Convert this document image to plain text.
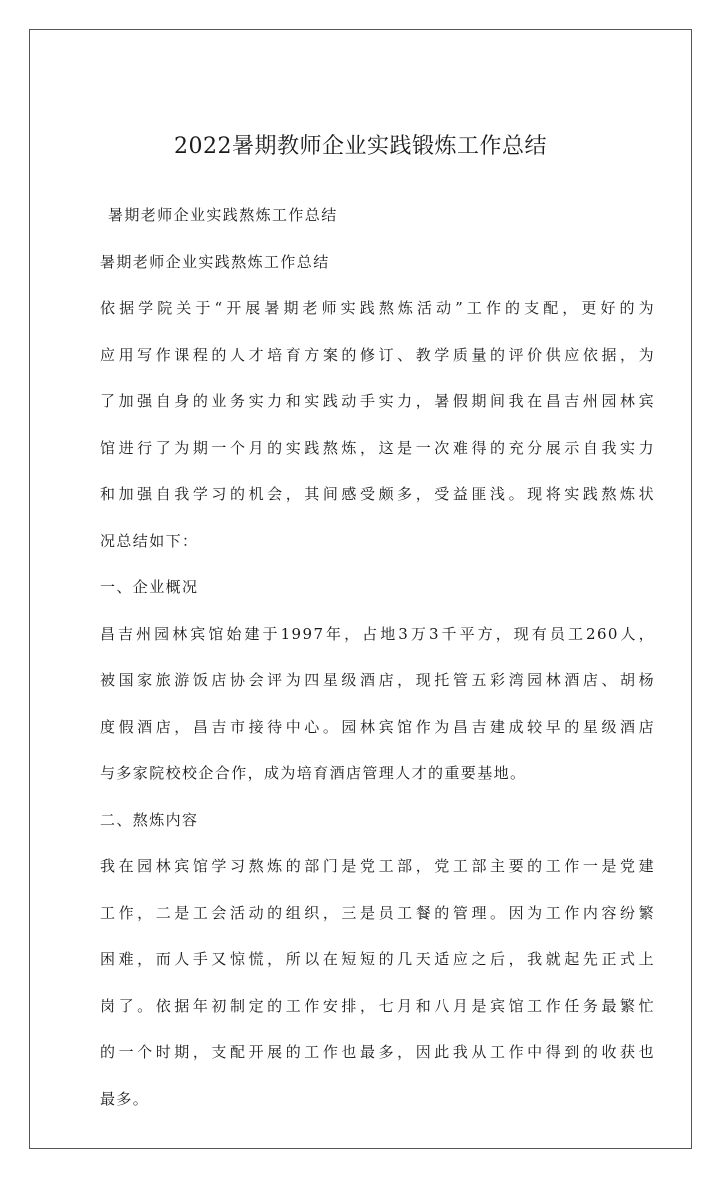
2022暑期教师企业实践锻炼工作总结
暑期老师企业实践熬炼工作总结
暑期老师企业实践熬炼工作总结
依据学院关于“开展暑期老师实践熬炼活动”工作的支配，更好的为
应用写作课程的人才培育方案的修订、教学质量的评价供应依据，为
了加强自身的业务实力和实践动手实力，暑假期间我在昌吉州园林宾
馆进行了为期一个月的实践熬炼，这是一次难得的充分展示自我实力
和加强自我学习的机会，其间感受颇多，受益匪浅。现将实践熬炼状
况总结如下：
一、企业概况
昌吉州园林宾馆始建于1997年，占地3万3千平方，现有员工260人，
被国家旅游饭店协会评为四星级酒店，现托管五彩湾园林酒店、胡杨
度假酒店，昌吉市接待中心。园林宾馆作为昌吉建成较早的星级酒店
与多家院校校企合作，成为培育酒店管理人才的重要基地。
二、熬炼内容
我在园林宾馆学习熬炼的部门是党工部，党工部主要的工作一是党建
工作，二是工会活动的组织，三是员工餐的管理。因为工作内容纷繁
困难，而人手又惊慌，所以在短短的几天适应之后，我就起先正式上
岗了。依据年初制定的工作安排，七月和八月是宾馆工作任务最繁忙
的一个时期，支配开展的工作也最多，因此我从工作中得到的收获也
最多。
